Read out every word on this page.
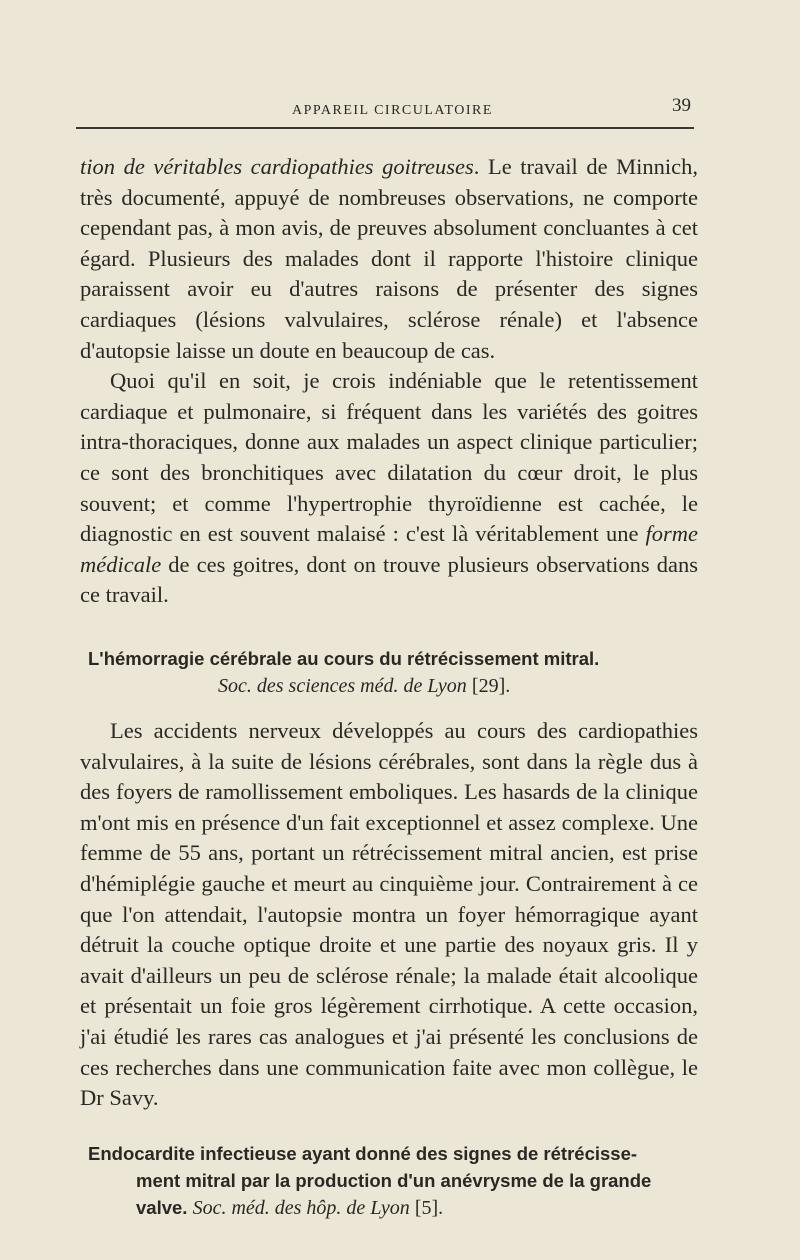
APPAREIL CIRCULATOIRE	39

tion de véritables cardiopathies goitreuses. Le travail de Minnich, très documenté, appuyé de nombreuses observations, ne comporte cependant pas, à mon avis, de preuves absolument concluantes à cet égard. Plusieurs des malades dont il rapporte l'histoire clinique paraissent avoir eu d'autres raisons de présenter des signes cardiaques (lésions valvulaires, sclérose rénale) et l'absence d'autopsie laisse un doute en beaucoup de cas.

Quoi qu'il en soit, je crois indéniable que le retentissement cardiaque et pulmonaire, si fréquent dans les variétés des goitres intra-thoraciques, donne aux malades un aspect clinique particulier; ce sont des bronchitiques avec dilatation du cœur droit, le plus souvent; et comme l'hypertrophie thyroïdienne est cachée, le diagnostic en est souvent malaisé : c'est là véritablement une forme médicale de ces goitres, dont on trouve plusieurs observations dans ce travail.

L'hémorragie cérébrale au cours du rétrécissement mitral.
Soc. des sciences méd. de Lyon [29].

Les accidents nerveux développés au cours des cardiopathies valvulaires, à la suite de lésions cérébrales, sont dans la règle dus à des foyers de ramollissement emboliques. Les hasards de la clinique m'ont mis en présence d'un fait exceptionnel et assez complexe. Une femme de 55 ans, portant un rétrécissement mitral ancien, est prise d'hémiplégie gauche et meurt au cinquième jour. Contrairement à ce que l'on attendait, l'autopsie montra un foyer hémorragique ayant détruit la couche optique droite et une partie des noyaux gris. Il y avait d'ailleurs un peu de sclérose rénale; la malade était alcoolique et présentait un foie gros légèrement cirrhotique. A cette occasion, j'ai étudié les rares cas analogues et j'ai présenté les conclusions de ces recherches dans une communication faite avec mon collègue, le Dr Savy.

Endocardite infectieuse ayant donné des signes de rétrécisse-
ment mitral par la production d'un anévrysme de la grande
valve. Soc. méd. des hôp. de Lyon [5].
